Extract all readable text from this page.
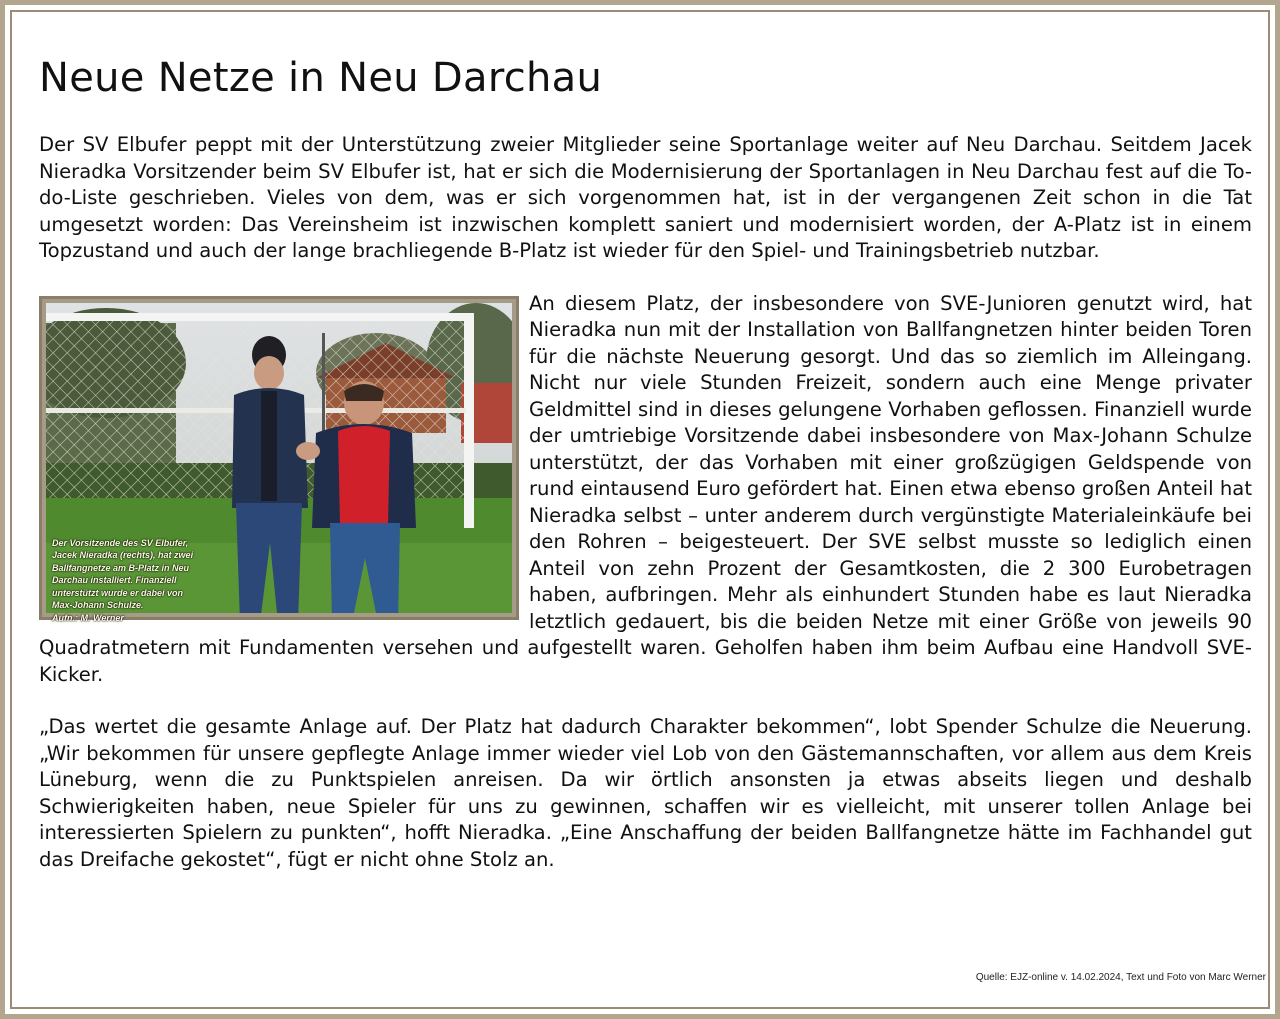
Neue Netze in Neu Darchau

Der SV Elbufer peppt mit der Unterstützung zweier Mitglieder seine Sportanlage weiter auf Neu Darchau. Seitdem Jacek Nieradka Vorsitzender beim SV Elbufer ist, hat er sich die Modernisierung der Sportanlagen in Neu Darchau fest auf die To-do-Liste geschrieben. Vieles von dem, was er sich vorgenommen hat, ist in der vergangenen Zeit schon in die Tat umgesetzt worden: Das Vereinsheim ist inzwischen komplett saniert und modernisiert worden, der A-Platz ist in einem Topzustand und auch der lange brachliegende B-Platz ist wieder für den Spiel- und Trainingsbetrieb nutzbar.

Der Vorsitzende des SV Elbufer,
Jacek Nieradka (rechts), hat zwei
Ballfangnetze am B-Platz in Neu
Darchau installiert. Finanziell
unterstützt wurde er dabei von
Max-Johann Schulze.
Aufn.: M. Werner

An diesem Platz, der insbesondere von SVE-Junioren genutzt wird, hat Nieradka nun mit der Installation von Ballfangnetzen hinter beiden Toren für die nächste Neuerung gesorgt. Und das so ziemlich im Alleingang. Nicht nur viele Stunden Freizeit, sondern auch eine Menge privater Geldmittel sind in dieses gelungene Vorhaben geflossen. Finanziell wurde der umtriebige Vorsitzende dabei insbesondere von Max-Johann Schulze unterstützt, der das Vorhaben mit einer großzügigen Geldspende von rund eintausend Euro gefördert hat. Einen etwa ebenso großen Anteil hat Nieradka selbst – unter anderem durch vergünstigte Materialeinkäufe bei den Rohren – beigesteuert. Der SVE selbst musste so lediglich einen Anteil von zehn Prozent der Gesamtkosten, die 2 300 Eurobetragen haben, aufbringen. Mehr als einhundert Stunden habe es laut Nieradka letztlich gedauert, bis die beiden Netze mit einer Größe von jeweils 90 Quadratmetern mit Fundamenten versehen und aufgestellt waren. Geholfen haben ihm beim Aufbau eine Handvoll SVE-Kicker.

„Das wertet die gesamte Anlage auf. Der Platz hat dadurch Charakter bekommen“, lobt Spender Schulze die Neuerung. „Wir bekommen für unsere gepflegte Anlage immer wieder viel Lob von den Gästemannschaften, vor allem aus dem Kreis Lüneburg, wenn die zu Punktspielen anreisen. Da wir örtlich ansonsten ja etwas abseits liegen und deshalb Schwierigkeiten haben, neue Spieler für uns zu gewinnen, schaffen wir es vielleicht, mit unserer tollen Anlage bei interessierten Spielern zu punkten“, hofft Nieradka. „Eine Anschaffung der beiden Ballfangnetze hätte im Fachhandel gut das Dreifache gekostet“, fügt er nicht ohne Stolz an.

Quelle: EJZ-online v. 14.02.2024, Text und Foto von Marc Werner
